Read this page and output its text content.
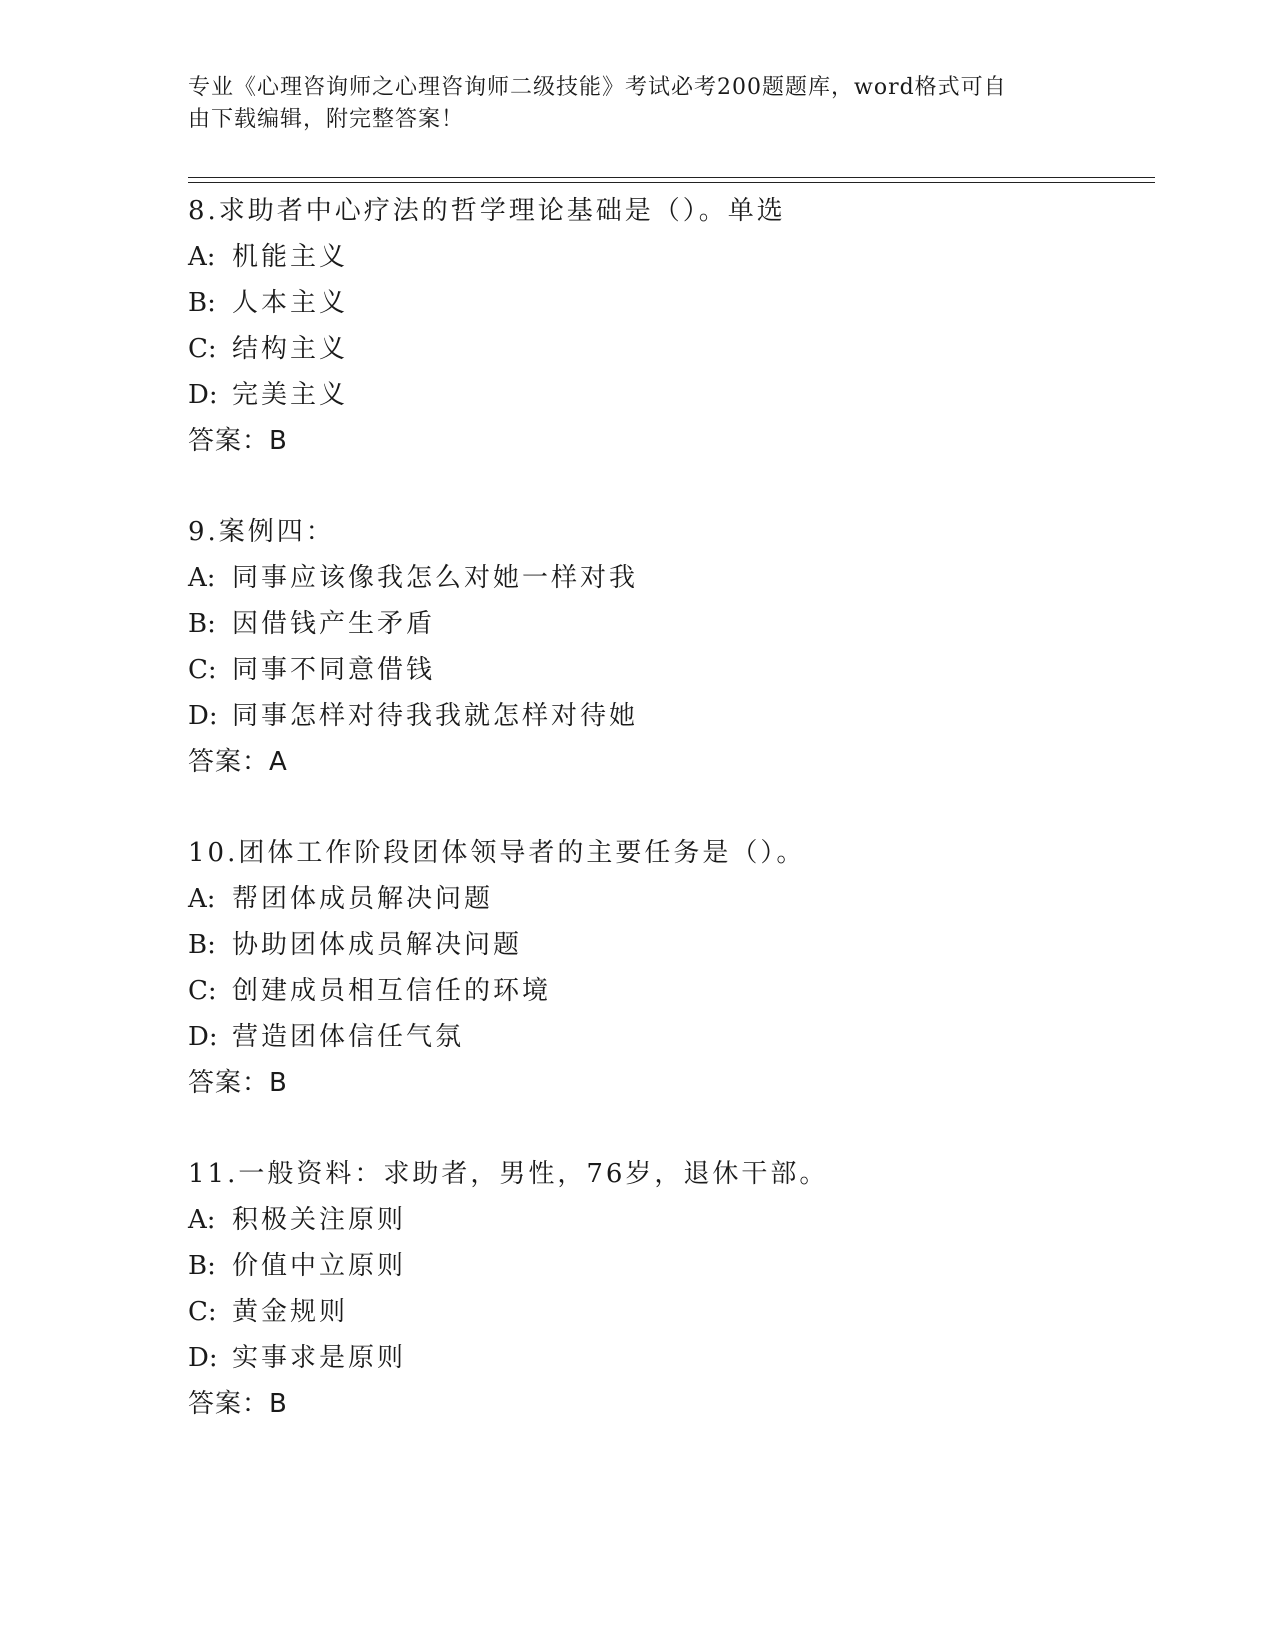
专业《心理咨询师之心理咨询师二级技能》考试必考200题题库，word格式可自
由下载编辑，附完整答案！
8.求助者中心疗法的哲学理论基础是（）。单选
A: 机能主义
B: 人本主义
C: 结构主义
D: 完美主义
答案：B
9.案例四：
A: 同事应该像我怎么对她一样对我
B: 因借钱产生矛盾
C: 同事不同意借钱
D: 同事怎样对待我我就怎样对待她
答案：A
10.团体工作阶段团体领导者的主要任务是（）。
A: 帮团体成员解决问题
B: 协助团体成员解决问题
C: 创建成员相互信任的环境
D: 营造团体信任气氛
答案：B
11.一般资料：求助者，男性，76岁，退休干部。
A: 积极关注原则
B: 价值中立原则
C: 黄金规则
D: 实事求是原则
答案：B
